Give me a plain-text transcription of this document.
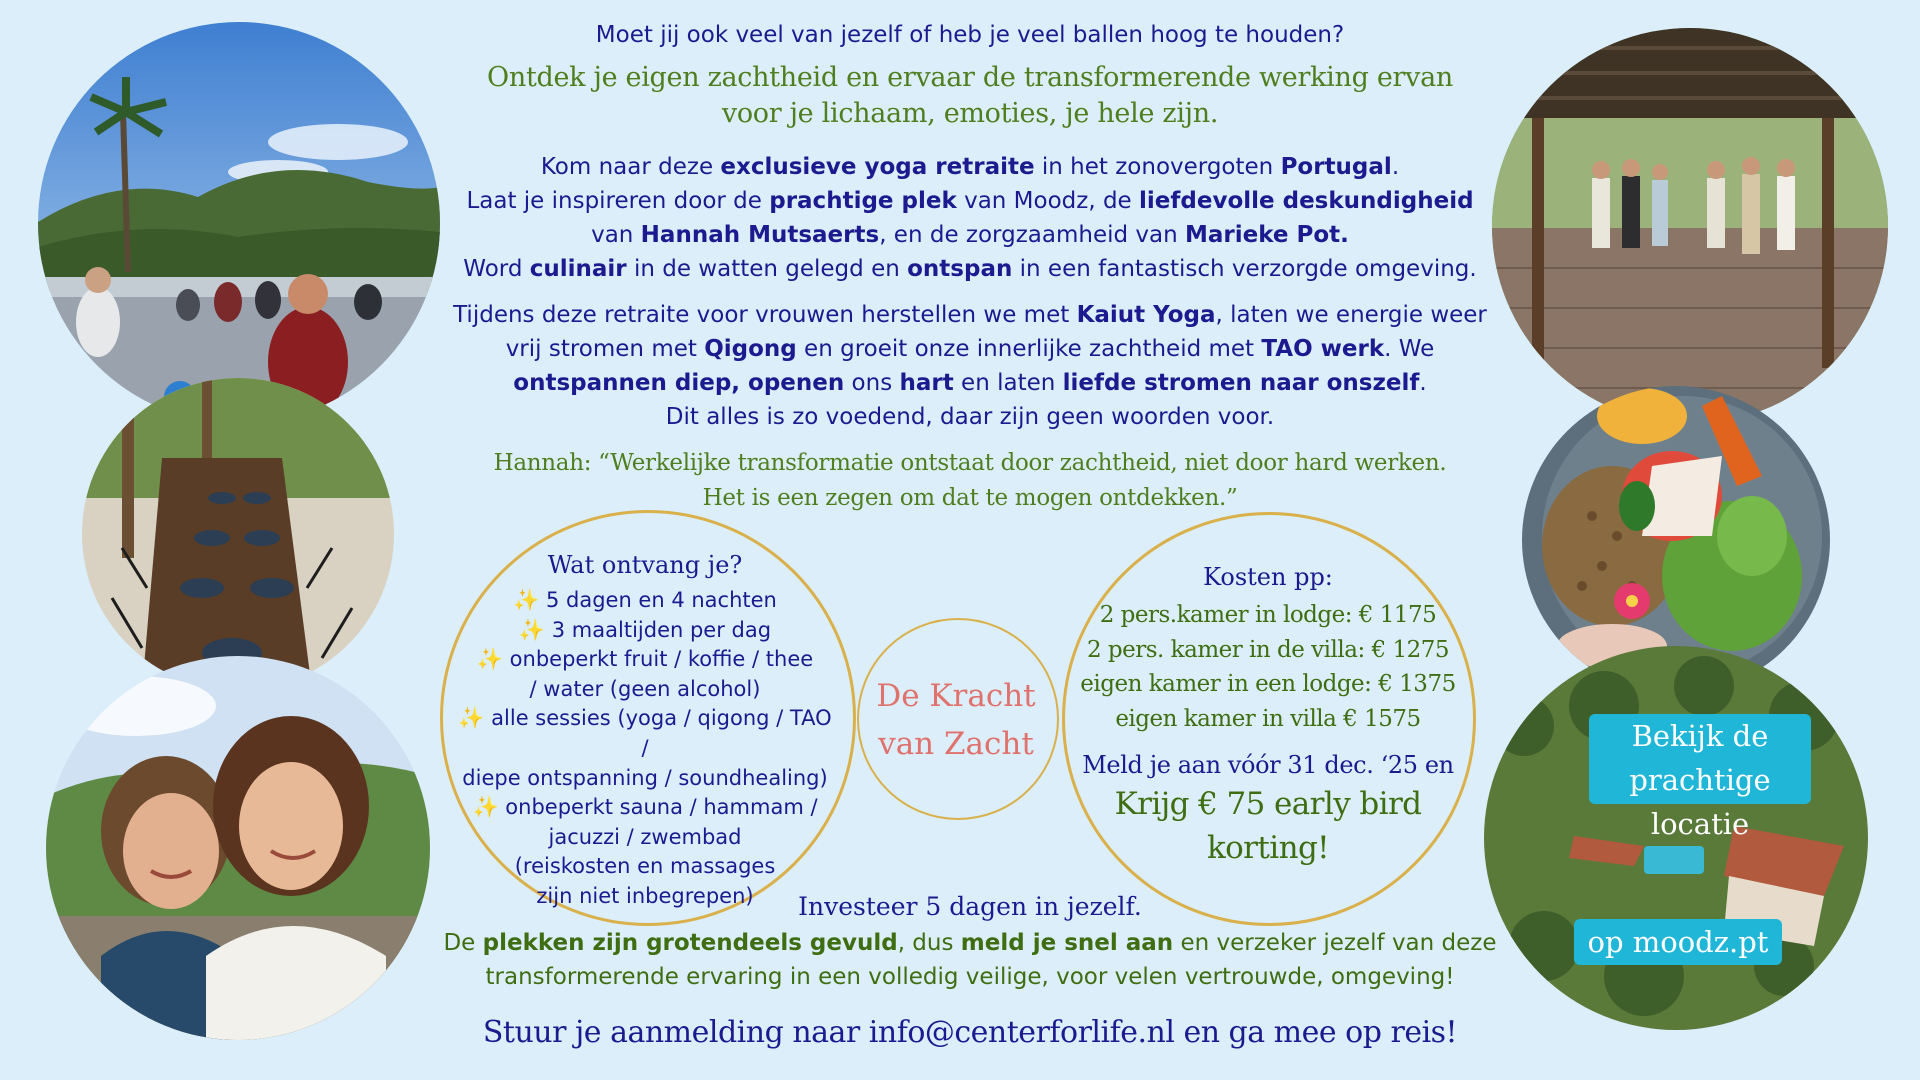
Bekijk de
prachtige locatie
op moodz.pt
Moet jij ook veel van jezelf of heb je veel ballen hoog te houden?
Ontdek je eigen zachtheid en ervaar de transformerende werking ervan
voor je lichaam, emoties, je hele zijn.
Kom naar deze exclusieve yoga retraite in het zonovergoten Portugal.
Laat je inspireren door de prachtige plek van Moodz, de liefdevolle deskundigheid
van Hannah Mutsaerts, en de zorgzaamheid van Marieke Pot.
Word culinair in de watten gelegd en ontspan in een fantastisch verzorgde omgeving.
Tijdens deze retraite voor vrouwen herstellen we met Kaiut Yoga, laten we energie weer
vrij stromen met Qigong en groeit onze innerlijke zachtheid met TAO werk. We
ontspannen diep, openen ons hart en laten liefde stromen naar onszelf.
Dit alles is zo voedend, daar zijn geen woorden voor.
Hannah: “Werkelijke transformatie ontstaat door zachtheid, niet door hard werken.
Het is een zegen om dat te mogen ontdekken.”
Wat ontvang je?
✨ 5 dagen en 4 nachten
✨ 3 maaltijden per dag
✨ onbeperkt fruit / koffie / thee
/ water (geen alcohol)
✨ alle sessies (yoga / qigong / TAO /
diepe ontspanning / soundhealing)
✨ onbeperkt sauna / hammam /
jacuzzi / zwembad
(reiskosten en massages
zijn niet inbegrepen)
De Kracht
van Zacht
Kosten pp:
2 pers.kamer in lodge: € 1175
2 pers. kamer in de villa: € 1275
eigen kamer in een lodge: € 1375
eigen kamer in villa € 1575
Meld je aan vóór 31 dec. ‘25 en
Krijg € 75 early bird
korting!
Investeer 5 dagen in jezelf.
De plekken zijn grotendeels gevuld, dus meld je snel aan en verzeker jezelf van deze
transformerende ervaring in een volledig veilige, voor velen vertrouwde, omgeving!
Stuur je aanmelding naar info@centerforlife.nl en ga mee op reis!
